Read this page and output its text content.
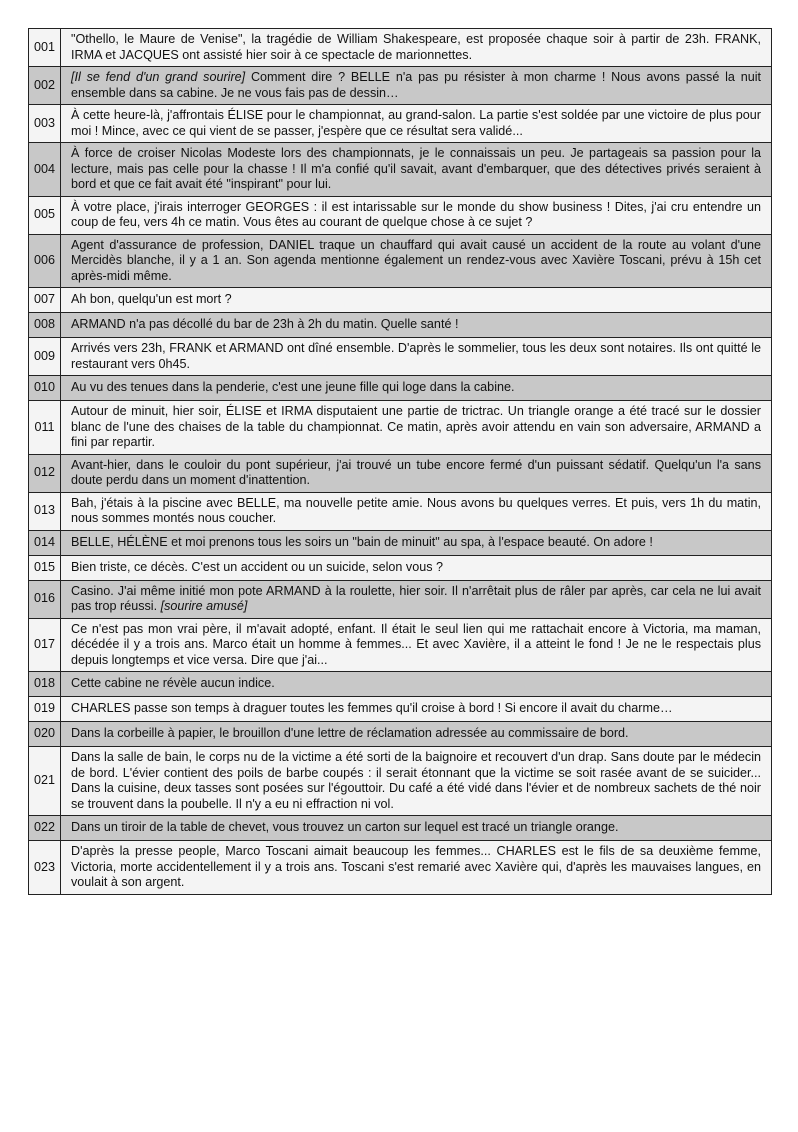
001	"Othello, le Maure de Venise", la tragédie de William Shakespeare, est proposée chaque soir à partir de 23h. FRANK, IRMA et JACQUES ont assisté hier soir à ce spectacle de marionnettes.
002	[Il se fend d'un grand sourire] Comment dire ? BELLE n'a pas pu résister à mon charme ! Nous avons passé la nuit ensemble dans sa cabine. Je ne vous fais pas de dessin…
003	À cette heure-là, j'affrontais ÉLISE pour le championnat, au grand-salon. La partie s'est soldée par une victoire de plus pour moi ! Mince, avec ce qui vient de se passer, j'espère que ce résultat sera validé...
004	À force de croiser Nicolas Modeste lors des championnats, je le connaissais un peu. Je partageais sa passion pour la lecture, mais pas celle pour la chasse ! Il m'a confié qu'il savait, avant d'embarquer, que des détectives privés seraient à bord et que ce fait avait été "inspirant" pour lui.
005	À votre place, j'irais interroger GEORGES : il est intarissable sur le monde du show business ! Dites, j'ai cru entendre un coup de feu, vers 4h ce matin. Vous êtes au courant de quelque chose à ce sujet ?
006	Agent d'assurance de profession, DANIEL traque un chauffard qui avait causé un accident de la route au volant d'une Mercidès blanche, il y a 1 an. Son agenda mentionne également un rendez-vous avec Xavière Toscani, prévu à 15h cet après-midi même.
007	Ah bon, quelqu'un est mort ?
008	ARMAND n'a pas décollé du bar de 23h à 2h du matin. Quelle santé !
009	Arrivés vers 23h, FRANK et ARMAND ont dîné ensemble. D'après le sommelier, tous les deux sont notaires. Ils ont quitté le restaurant vers 0h45.
010	Au vu des tenues dans la penderie, c'est une jeune fille qui loge dans la cabine.
011	Autour de minuit, hier soir, ÉLISE et IRMA disputaient une partie de trictrac. Un triangle orange a été tracé sur le dossier blanc de l'une des chaises de la table du championnat. Ce matin, après avoir attendu en vain son adversaire, ARMAND a fini par repartir.
012	Avant-hier, dans le couloir du pont supérieur, j'ai trouvé un tube encore fermé d'un puissant sédatif. Quelqu'un l'a sans doute perdu dans un moment d'inattention.
013	Bah, j'étais à la piscine avec BELLE, ma nouvelle petite amie. Nous avons bu quelques verres. Et puis, vers 1h du matin, nous sommes montés nous coucher.
014	BELLE, HÉLÈNE et moi prenons tous les soirs un "bain de minuit" au spa, à l'espace beauté. On adore !
015	Bien triste, ce décès. C'est un accident ou un suicide, selon vous ?
016	Casino. J'ai même initié mon pote ARMAND à la roulette, hier soir. Il n'arrêtait plus de râler par après, car cela ne lui avait pas trop réussi. [sourire amusé]
017	Ce n'est pas mon vrai père, il m'avait adopté, enfant. Il était le seul lien qui me rattachait encore à Victoria, ma maman, décédée il y a trois ans. Marco était un homme à femmes... Et avec Xavière, il a atteint le fond ! Je ne le respectais plus depuis longtemps et vice versa. Dire que j'ai...
018	Cette cabine ne révèle aucun indice.
019	CHARLES passe son temps à draguer toutes les femmes qu'il croise à bord ! Si encore il avait du charme…
020	Dans la corbeille à papier, le brouillon d'une lettre de réclamation adressée au commissaire de bord.
021	Dans la salle de bain, le corps nu de la victime a été sorti de la baignoire et recouvert d'un drap. Sans doute par le médecin de bord. L'évier contient des poils de barbe coupés : il serait étonnant que la victime se soit rasée avant de se suicider... Dans la cuisine, deux tasses sont posées sur l'égouttoir. Du café a été vidé dans l'évier et de nombreux sachets de thé noir se trouvent dans la poubelle. Il n'y a eu ni effraction ni vol.
022	Dans un tiroir de la table de chevet, vous trouvez un carton sur lequel est tracé un triangle orange.
023	D'après la presse people, Marco Toscani aimait beaucoup les femmes... CHARLES est le fils de sa deuxième femme, Victoria, morte accidentellement il y a trois ans. Toscani s'est remarié avec Xavière qui, d'après les mauvaises langues, en voulait à son argent.
